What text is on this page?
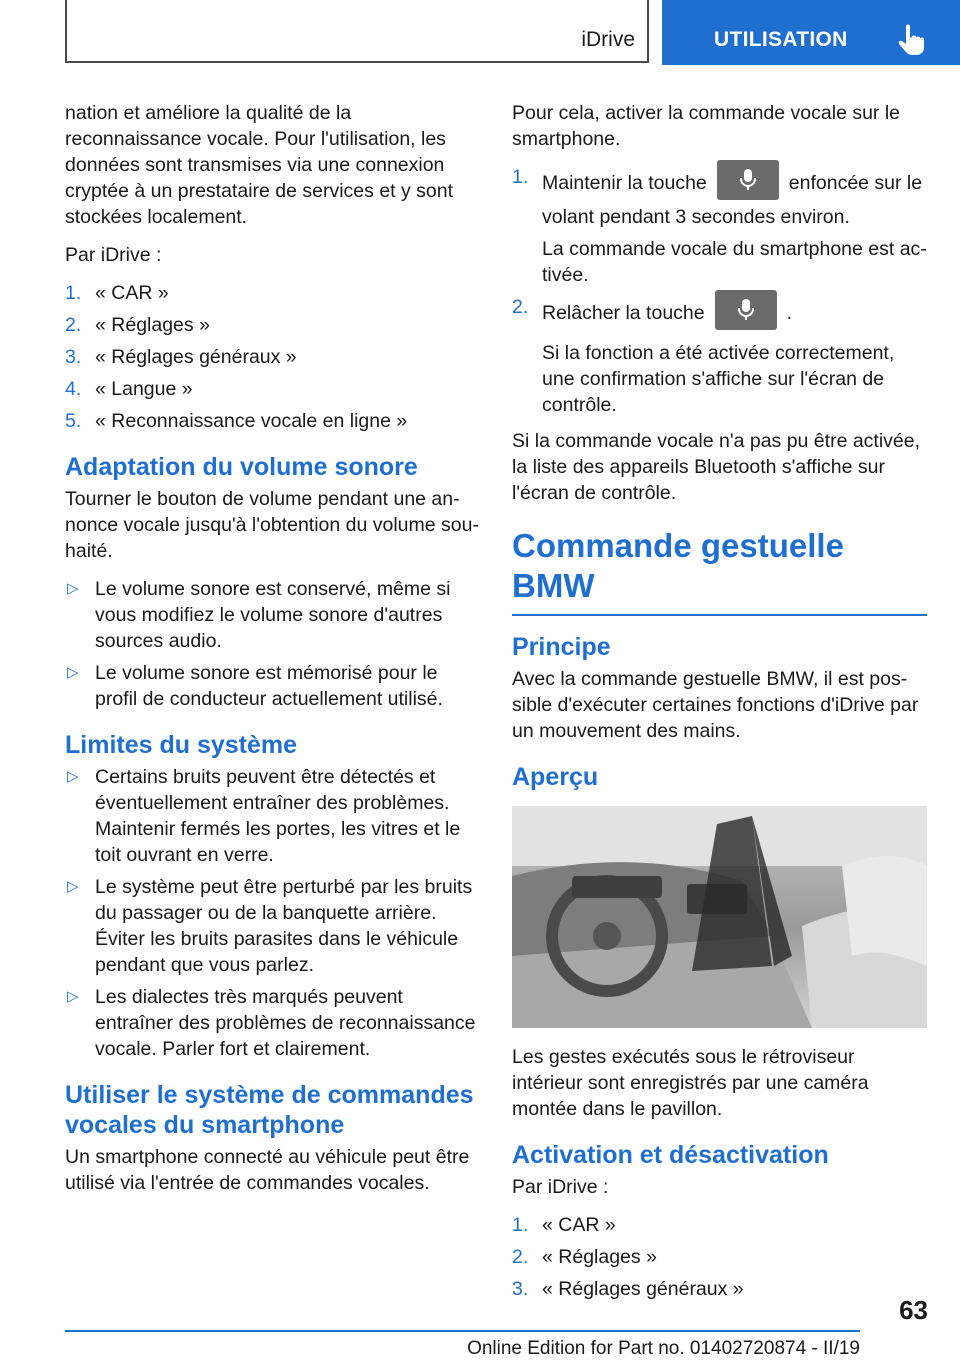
iDrive	UTILISATION

nation et améliore la qualité de la reconnaissance vocale. Pour l'utilisation, les données sont transmises via une connexion cryptée à un prestataire de services et y sont stockées localement.

Par iDrive :

1. « CAR »
2. « Réglages »
3. « Réglages généraux »
4. « Langue »
5. « Reconnaissance vocale en ligne »
Adaptation du volume sonore

Tourner le bouton de volume pendant une annonce vocale jusqu'à l'obtention du volume souhaité.

▷ Le volume sonore est conservé, même si vous modifiez le volume sonore d'autres sources audio.
▷ Le volume sonore est mémorisé pour le profil de conducteur actuellement utilisé.
Limites du système
▷ Certains bruits peuvent être détectés et éventuellement entraîner des problèmes. Maintenir fermés les portes, les vitres et le toit ouvrant en verre.
▷ Le système peut être perturbé par les bruits du passager ou de la banquette arrière. Éviter les bruits parasites dans le véhicule pendant que vous parlez.
▷ Les dialectes très marqués peuvent entraîner des problèmes de reconnaissance vocale. Parler fort et clairement.
Utiliser le système de commandes vocales du smartphone

Un smartphone connecté au véhicule peut être utilisé via l'entrée de commandes vocales.

Pour cela, activer la commande vocale sur le smartphone.

1. Maintenir la touche	enfoncée sur le volant pendant 3 secondes environ.
La commande vocale du smartphone est activée.
2. Relâcher la touche	.
Si la fonction a été activée correctement, une confirmation s'affiche sur l'écran de contrôle.

Si la commande vocale n'a pas pu être activée, la liste des appareils Bluetooth s'affiche sur l'écran de contrôle.

Commande gestuelle BMW
Principe

Avec la commande gestuelle BMW, il est possible d'exécuter certaines fonctions d'iDrive par un mouvement des mains.

Aperçu

Les gestes exécutés sous le rétroviseur intérieur sont enregistrés par une caméra montée dans le pavillon.

Activation et désactivation

Par iDrive :

1. « CAR »
2. « Réglages »
3. « Réglages généraux »
63
Online Edition for Part no. 01402720874 - II/19
